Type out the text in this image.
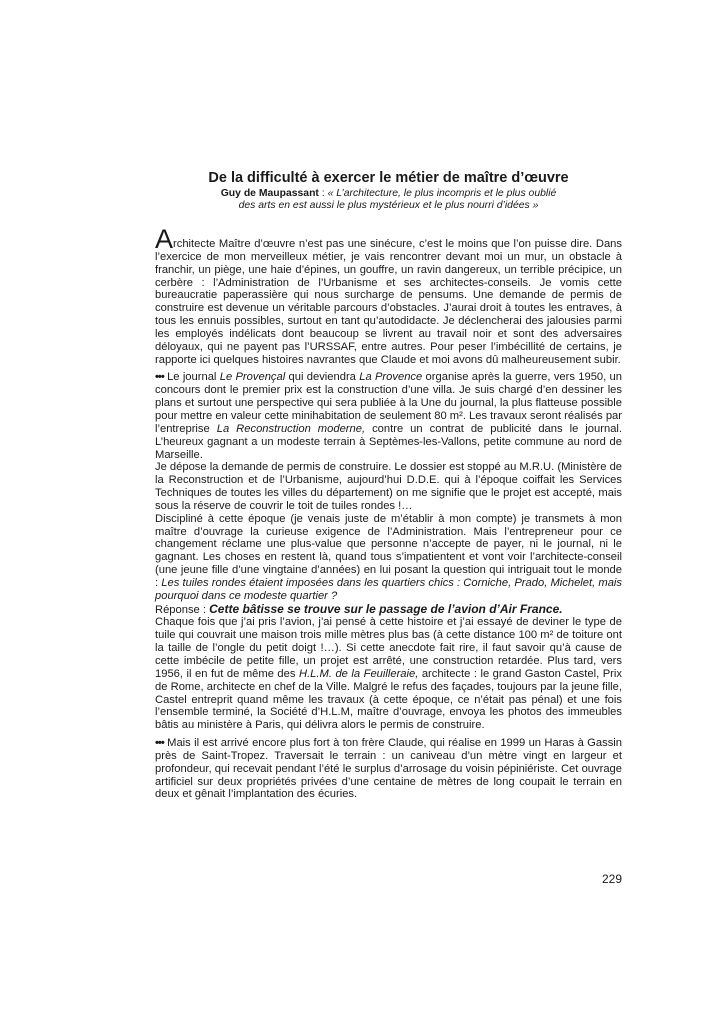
De la difficulté à exercer le métier de maître d’œuvre
Guy de Maupassant : « L’architecture, le plus incompris et le plus oublié
des arts en est aussi le plus mystérieux et le plus nourri d’idées »

Architecte Maître d’œuvre n’est pas une sinécure, c’est le moins que l’on puisse dire. Dans l’exercice de mon merveilleux métier, je vais rencontrer devant moi un mur, un obstacle à franchir, un piège, une haie d’épines, un gouffre, un ravin dangereux, un terrible précipice, un cerbère : l’Administration de l’Urbanisme et ses architectes-conseils. Je vomis cette bureaucratie paperassière qui nous surcharge de pensums. Une demande de permis de construire est devenue un véritable parcours d’obstacles. J’aurai droit à toutes les entraves, à tous les ennuis possibles, surtout en tant qu’autodidacte. Je déclencherai des jalousies parmi les employés indélicats dont beaucoup se livrent au travail noir et sont des adversaires déloyaux, qui ne payent pas l’URSSAF, entre autres. Pour peser l’imbécillité de certains, je rapporte ici quelques histoires navrantes que Claude et moi avons dû malheureusement subir.

••• Le journal Le Provençal qui deviendra La Provence organise après la guerre, vers 1950, un concours dont le premier prix est la construction d’une villa. Je suis chargé d’en dessiner les plans et surtout une perspective qui sera publiée à la Une du journal, la plus flatteuse possible pour mettre en valeur cette minihabitation de seulement 80 m². Les travaux seront réalisés par l’entreprise La Reconstruction moderne, contre un contrat de publicité dans le journal. L’heureux gagnant a un modeste terrain à Septèmes-les-Vallons, petite commune au nord de Marseille.

Je dépose la demande de permis de construire. Le dossier est stoppé au M.R.U. (Ministère de la Reconstruction et de l’Urbanisme, aujourd’hui D.D.E. qui à l’époque coiffait les Services Techniques de toutes les villes du département) on me signifie que le projet est accepté, mais sous la réserve de couvrir le toit de tuiles rondes !…

Discipliné à cette époque (je venais juste de m’établir à mon compte) je transmets à mon maître d’ouvrage la curieuse exigence de l’Administration. Mais l’entrepreneur pour ce changement réclame une plus-value que personne n’accepte de payer, ni le journal, ni le gagnant. Les choses en restent là, quand tous s’impatientent et vont voir l’architecte-conseil (une jeune fille d’une vingtaine d’années) en lui posant la question qui intriguait tout le monde : Les tuiles rondes étaient imposées dans les quartiers chics : Corniche, Prado, Michelet, mais pourquoi dans ce modeste quartier ?

Réponse : Cette bâtisse se trouve sur le passage de l’avion d’Air France.

Chaque fois que j’ai pris l’avion, j’ai pensé à cette histoire et j’ai essayé de deviner le type de tuile qui couvrait une maison trois mille mètres plus bas (à cette distance 100 m² de toiture ont la taille de l’ongle du petit doigt !…). Si cette anecdote fait rire, il faut savoir qu’à cause de cette imbécile de petite fille, un projet est arrêté, une construction retardée. Plus tard, vers 1956, il en fut de même des H.L.M. de la Feuilleraie, architecte : le grand Gaston Castel, Prix de Rome, architecte en chef de la Ville. Malgré le refus des façades, toujours par la jeune fille, Castel entreprit quand même les travaux (à cette époque, ce n’était pas pénal) et une fois l’ensemble terminé, la Société d’H.L.M, maître d’ouvrage, envoya les photos des immeubles bâtis au ministère à Paris, qui délivra alors le permis de construire.

••• Mais il est arrivé encore plus fort à ton frère Claude, qui réalise en 1999 un Haras à Gassin près de Saint-Tropez. Traversait le terrain : un caniveau d’un mètre vingt en largeur et profondeur, qui recevait pendant l’été le surplus d’arrosage du voisin pépiniériste. Cet ouvrage artificiel sur deux propriétés privées d’une centaine de mètres de long coupait le terrain en deux et gênait l’implantation des écuries.

229
